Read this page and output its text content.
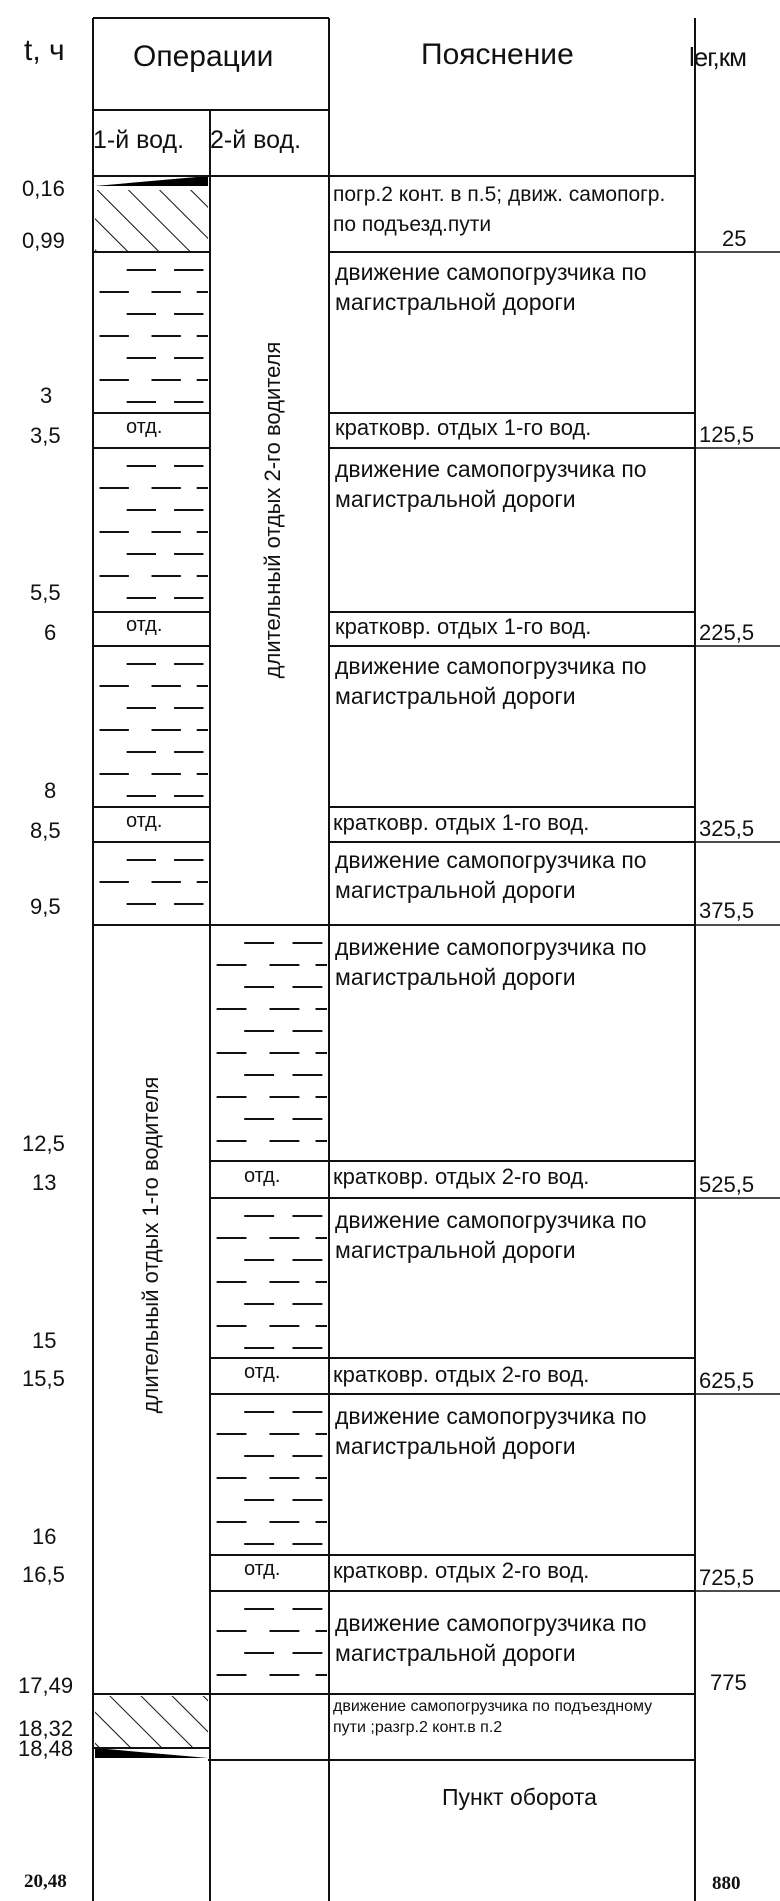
длительный отдых 2-го водителя
длительный отдых 1-го водителя
t, ч Операции	Пояснение	lег,км
1-й вод. 2-й вод.
0,16
0,99
3
3,5
5,5
6
8
8,5
9,5
12,5
13
15
15,5
16
16,5
17,49
18,32
18,48
20,48
отд.
отд.
отд.
отд.
отд.
отд.
погр.2 конт. в п.5; движ. самопогр. по подъезд.пути
движение самопогрузчика по магистральной дороги
кратковр. отдых 1-го вод.
движение самопогрузчика по магистральной дороги
кратковр. отдых 1-го вод.
движение самопогрузчика по магистральной дороги
кратковр. отдых 1-го вод.
движение самопогрузчика по магистральной дороги
движение самопогрузчика по магистральной дороги
кратковр. отдых 2-го вод.
движение самопогрузчика по магистральной дороги
кратковр. отдых 2-го вод.
движение самопогрузчика по магистральной дороги
кратковр. отдых 2-го вод.
движение самопогрузчика по магистральной дороги
движение самопогрузчика по подъездному пути ;разгр.2 конт.в п.2
Пункт оборота
25
125,5
225,5
325,5
375,5
525,5
625,5
725,5
775
880
